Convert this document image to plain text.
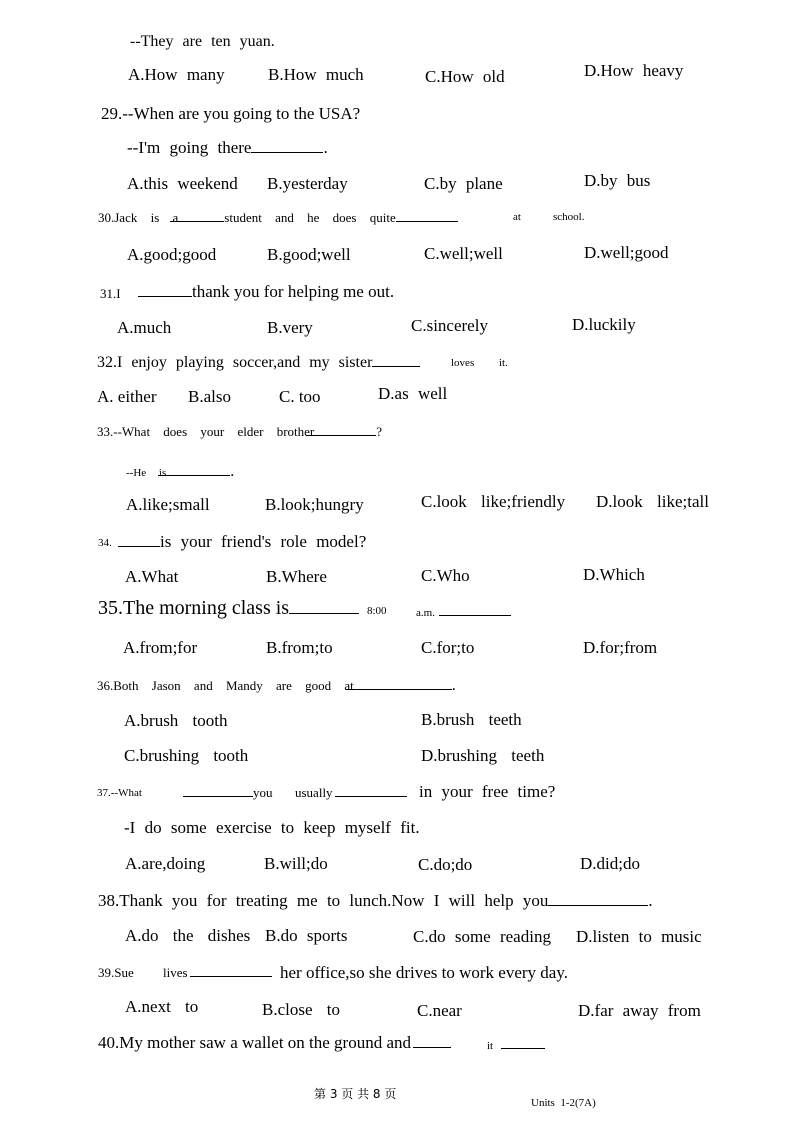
--They are ten yuan.
A.How many	B.How much	C.How old	D.How heavy
29.--When are you going to the USA?
--I'm going there	.
A.this weekend B.yesterday	C.by plane	D.by bus
30.Jack is a	student and he does quite	at	school.
A.good;good	B.good;well	C.well;well	D.well;good
31.I	thank you for helping me out.
A.much	B.very	C.sincerely	D.luckily
32.I enjoy playing soccer,and my sister	loves it.
A. either B.also	C. too	D.as well
33.--What does your elder brother	?
--He is	.
A.like;small	B.look;hungry	C.look like;friendly D.look like;tall
34.	is your friend's role model?
A.What	B.Where	C.Who	D.Which
35.The morning class is	8:00	a.m.
A.from;for	B.from;to	C.for;to	D.for;from
36.Both Jason and Mandy are good at	.
A.brush tooth	B.brush teeth
C.brushing tooth	D.brushing teeth
37.--What	you usually	in your free time?
-I do some exercise to keep myself fit.
A.are,doing	B.will;do	C.do;do	D.did;do
38.Thank you for treating me to lunch.Now I will help you	.
A.do the dishes B.do sports	C.do some reading D.listen to music
39.Sue lives	her office,so she drives to work every day.
A.next to	B.close to	C.near	D.far away from
40.My mother saw a wallet on the ground and	it
第 3 页 共 8 页
Units  1-2(7A)
